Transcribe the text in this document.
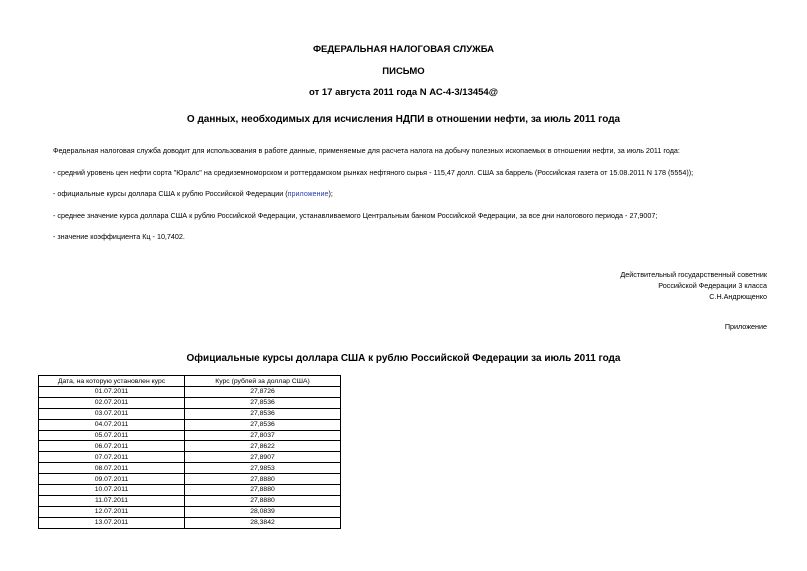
ФЕДЕРАЛЬНАЯ НАЛОГОВАЯ СЛУЖБА
ПИСЬМО
от 17 августа 2011 года N АС-4-3/13454@
О данных, необходимых для исчисления НДПИ в отношении нефти, за июль 2011 года
Федеральная налоговая служба доводит для использования в работе данные, применяемые для расчета налога на добычу полезных ископаемых в отношении нефти, за июль 2011 года:
- средний уровень цен нефти сорта "Юралс" на средиземноморском и роттердамском рынках нефтяного сырья - 115,47 долл. США за баррель (Российская газета от 15.08.2011 N 178 (5554));
- официальные курсы доллара США к рублю Российской Федерации (приложение);
- среднее значение курса доллара США к рублю Российской Федерации, устанавливаемого Центральным банком Российской Федерации, за все дни налогового периода - 27,9007;
- значение коэффициента Кц - 10,7402.
Действительный государственный советник
Российской Федерации 3 класса
С.Н.Андрющенко
Приложение
Официальные курсы доллара США к рублю Российской Федерации за июль 2011 года
Дата, на которую установлен курс	Курс (рублей за доллар США)
01.07.2011	27,8726
02.07.2011	27,8536
03.07.2011	27,8536
04.07.2011	27,8536
05.07.2011	27,8037
06.07.2011	27,8622
07.07.2011	27,8907
08.07.2011	27,9853
09.07.2011	27,8880
10.07.2011	27,8880
11.07.2011	27,8880
12.07.2011	28,0839
13.07.2011	28,3842
